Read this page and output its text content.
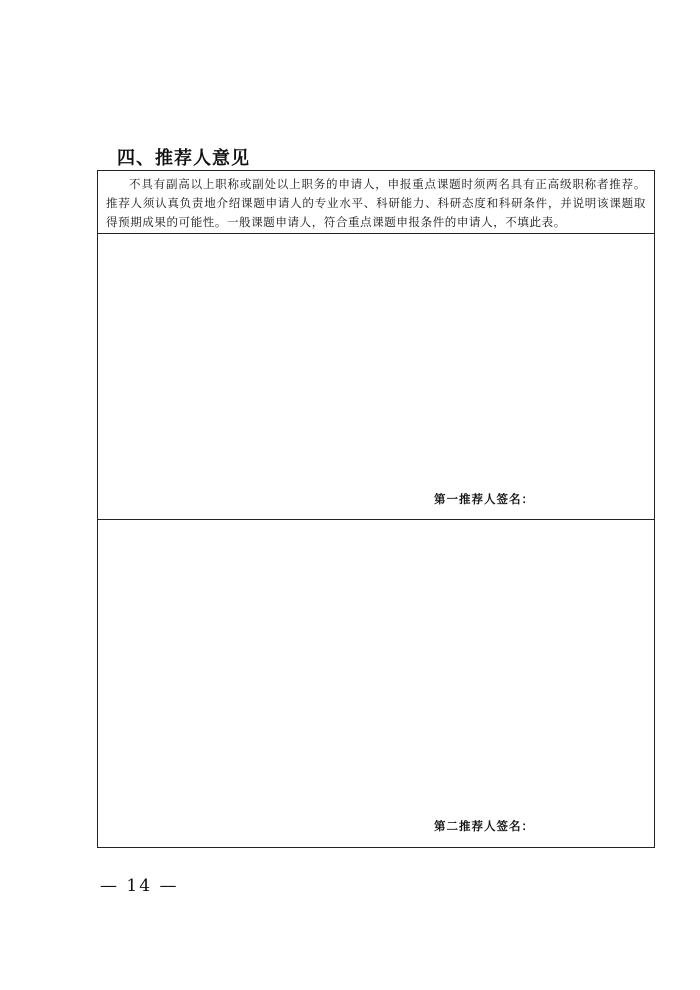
四、推荐人意见

不具有副高以上职称或副处以上职务的申请人，申报重点课题时须两名具有正高级职称者推荐。推荐人须认真负责地介绍课题申请人的专业水平、科研能力、科研态度和科研条件，并说明该课题取得预期成果的可能性。一般课题申请人，符合重点课题申报条件的申请人，不填此表。

第一推荐人签名：
第二推荐人签名：
— 14 —
